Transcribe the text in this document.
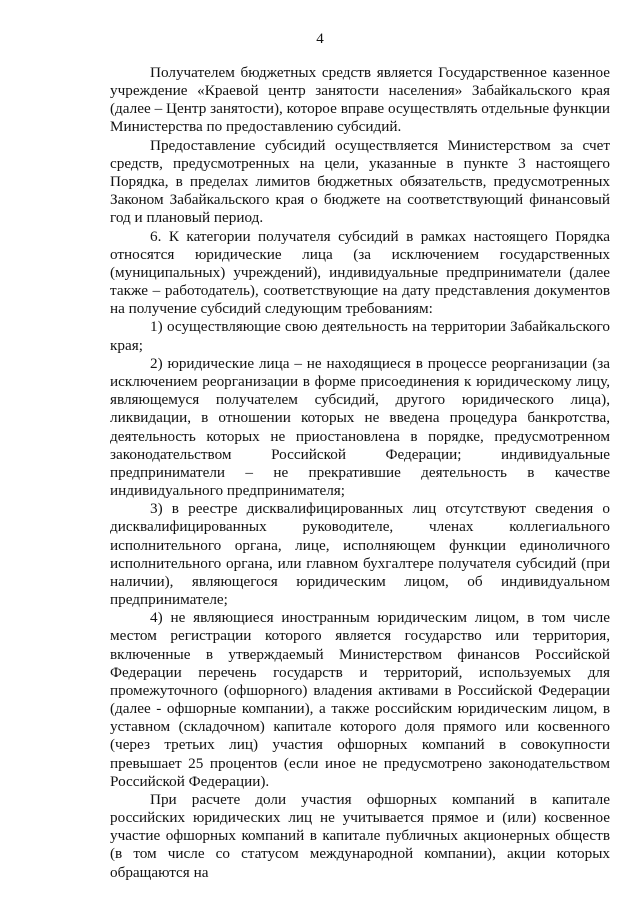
4

Получателем бюджетных средств является Государственное казенное учреждение «Краевой центр занятости населения» Забайкальского края (далее – Центр занятости), которое вправе осуществлять отдельные функции Министерства по предоставлению субсидий.

Предоставление субсидий осуществляется Министерством за счет средств, предусмотренных на цели, указанные в пункте 3 настоящего Порядка, в пределах лимитов бюджетных обязательств, предусмотренных Законом Забайкальского края о бюджете на соответствующий финансовый год и плановый период.

6. К категории получателя субсидий в рамках настоящего Порядка относятся юридические лица (за исключением государственных (муниципальных) учреждений), индивидуальные предприниматели (далее также – работодатель), соответствующие на дату представления документов на получение субсидий следующим требованиям:

1) осуществляющие свою деятельность на территории Забайкальского края;

2) юридические лица – не находящиеся в процессе реорганизации (за исключением реорганизации в форме присоединения к юридическому лицу, являющемуся получателем субсидий, другого юридического лица), ликвидации, в отношении которых не введена процедура банкротства, деятельность которых не приостановлена в порядке, предусмотренном законодательством Российской Федерации; индивидуальные предприниматели – не прекратившие деятельность в качестве индивидуального предпринимателя;

3) в реестре дисквалифицированных лиц отсутствуют сведения о дисквалифицированных руководителе, членах коллегиального исполнительного органа, лице, исполняющем функции единоличного исполнительного органа, или главном бухгалтере получателя субсидий (при наличии), являющегося юридическим лицом, об индивидуальном предпринимателе;

4) не являющиеся иностранным юридическим лицом, в том числе местом регистрации которого является государство или территория, включенные в утверждаемый Министерством финансов Российской Федерации перечень государств и территорий, используемых для промежуточного (офшорного) владения активами в Российской Федерации (далее - офшорные компании), а также российским юридическим лицом, в уставном (складочном) капитале которого доля прямого или косвенного (через третьих лиц) участия офшорных компаний в совокупности превышает 25 процентов (если иное не предусмотрено законодательством Российской Федерации).

При расчете доли участия офшорных компаний в капитале российских юридических лиц не учитывается прямое и (или) косвенное участие офшорных компаний в капитале публичных акционерных обществ (в том числе со статусом международной компании), акции которых обращаются на
